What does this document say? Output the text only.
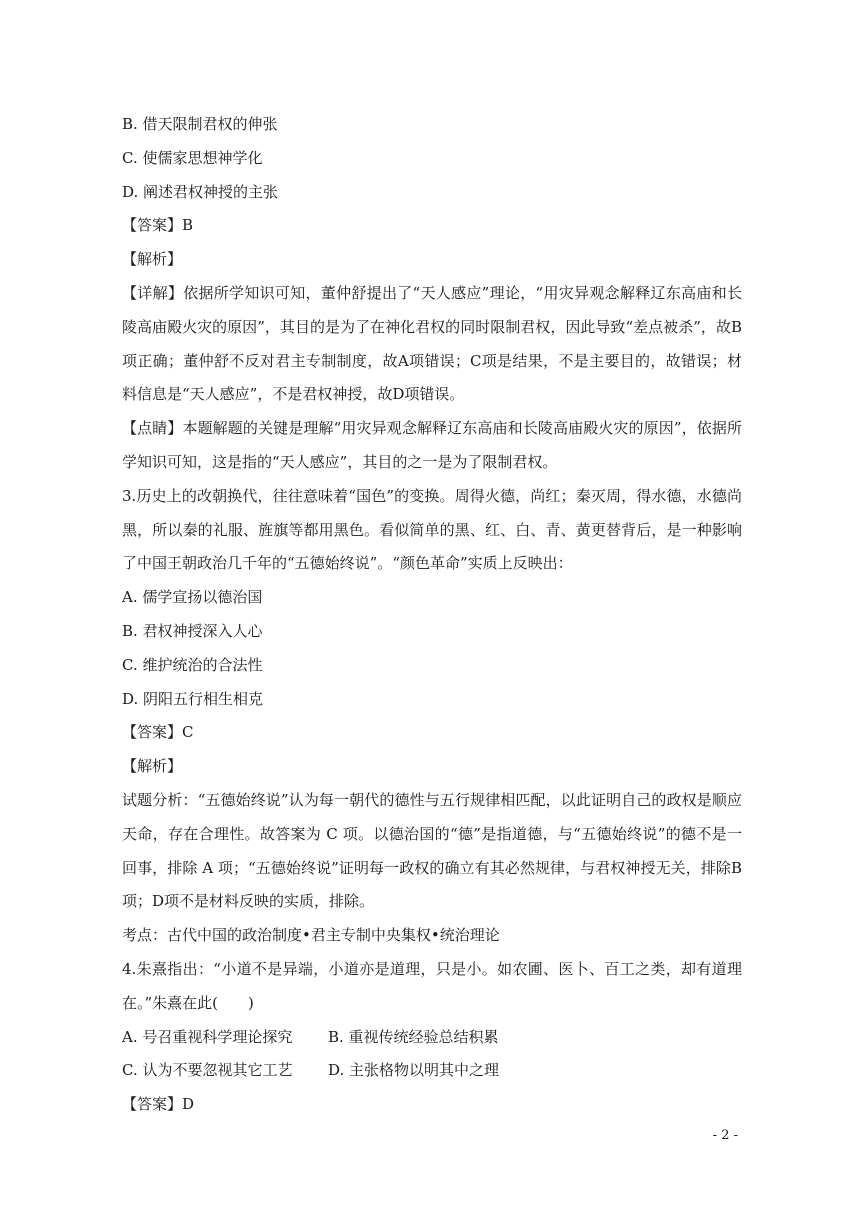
B. 借天限制君权的伸张

C. 使儒家思想神学化

D. 阐述君权神授的主张

【答案】B

【解析】

【详解】依据所学知识可知，董仲舒提出了“天人感应”理论，“用灾异观念解释辽东高庙和长陵高庙殿火灾的原因”，其目的是为了在神化君权的同时限制君权，因此导致“差点被杀”，故B项正确；董仲舒不反对君主专制制度，故A项错误；C项是结果，不是主要目的，故错误；材料信息是“天人感应”，不是君权神授，故D项错误。

【点睛】本题解题的关键是理解“用灾异观念解释辽东高庙和长陵高庙殿火灾的原因”，依据所学知识可知，这是指的“天人感应”，其目的之一是为了限制君权。

3.历史上的改朝换代，往往意味着“国色”的变换。周得火德，尚红；秦灭周，得水德，水德尚黑，所以秦的礼服、旌旗等都用黑色。看似简单的黑、红、白、青、黄更替背后，是一种影响了中国王朝政治几千年的“五德始终说”。“颜色革命”实质上反映出：

A. 儒学宣扬以德治国

B. 君权神授深入人心

C. 维护统治的合法性

D. 阴阳五行相生相克

【答案】C

【解析】

试题分析：“五德始终说”认为每一朝代的德性与五行规律相匹配，以此证明自己的政权是顺应天命，存在合理性。故答案为 C 项。以德治国的“德”是指道德，与“五德始终说”的德不是一回事，排除 A 项；“五德始终说”证明每一政权的确立有其必然规律，与君权神授无关，排除B项；D项不是材料反映的实质，排除。

考点：古代中国的政治制度•君主专制中央集权•统治理论

4.朱熹指出：“小道不是异端，小道亦是道理，只是小。如农圃、医卜、百工之类，却有道理在。”朱熹在此(　　)

A. 号召重视科学理论探究	B. 重视传统经验总结积累
C. 认为不要忽视其它工艺	D. 主张格物以明其中之理

【答案】D

- 2 -
